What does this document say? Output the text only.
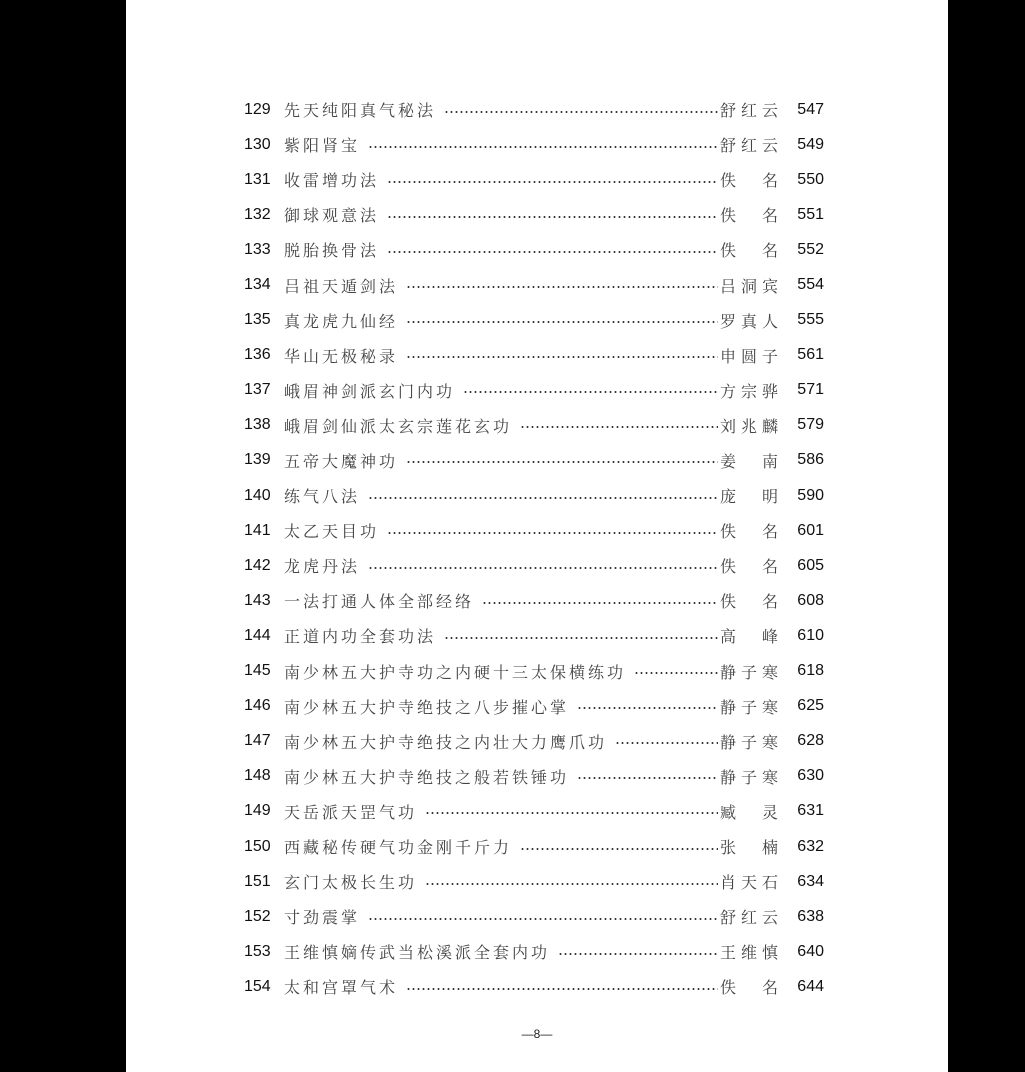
129 先天纯阳真气秘法	舒 红 云	547
130 紫阳肾宝	舒 红 云	549
131 收雷增功法	佚 名	550
132 御球观意法	佚 名	551
133 脱胎换骨法	佚 名	552
134 吕祖天遁剑法	吕 洞 宾	554
135 真龙虎九仙经	罗 真 人	555
136 华山无极秘录	申 圆 子	561
137 峨眉神剑派玄门内功	方 宗 骅	571
138 峨眉剑仙派太玄宗莲花玄功	刘 兆 麟	579
139 五帝大魔神功	姜 南	586
140 练气八法	庞 明	590
141 太乙天目功	佚 名	601
142 龙虎丹法	佚 名	605
143 一法打通人体全部经络	佚 名	608
144 正道内功全套功法	高 峰	610
145 南少林五大护寺功之内硬十三太保横练功	静 子 寒	618
146 南少林五大护寺绝技之八步摧心掌	静 子 寒	625
147 南少林五大护寺绝技之内壮大力鹰爪功	静 子 寒	628
148 南少林五大护寺绝技之般若铁锤功	静 子 寒	630
149 天岳派天罡气功	臧 灵	631
150 西藏秘传硬气功金刚千斤力	张 楠	632
151 玄门太极长生功	肖 天 石	634
152 寸劲震掌	舒 红 云	638
153 王维慎嫡传武当松溪派全套内功	王 维 慎	640
154 太和宫罩气术	佚 名	644
—8—
